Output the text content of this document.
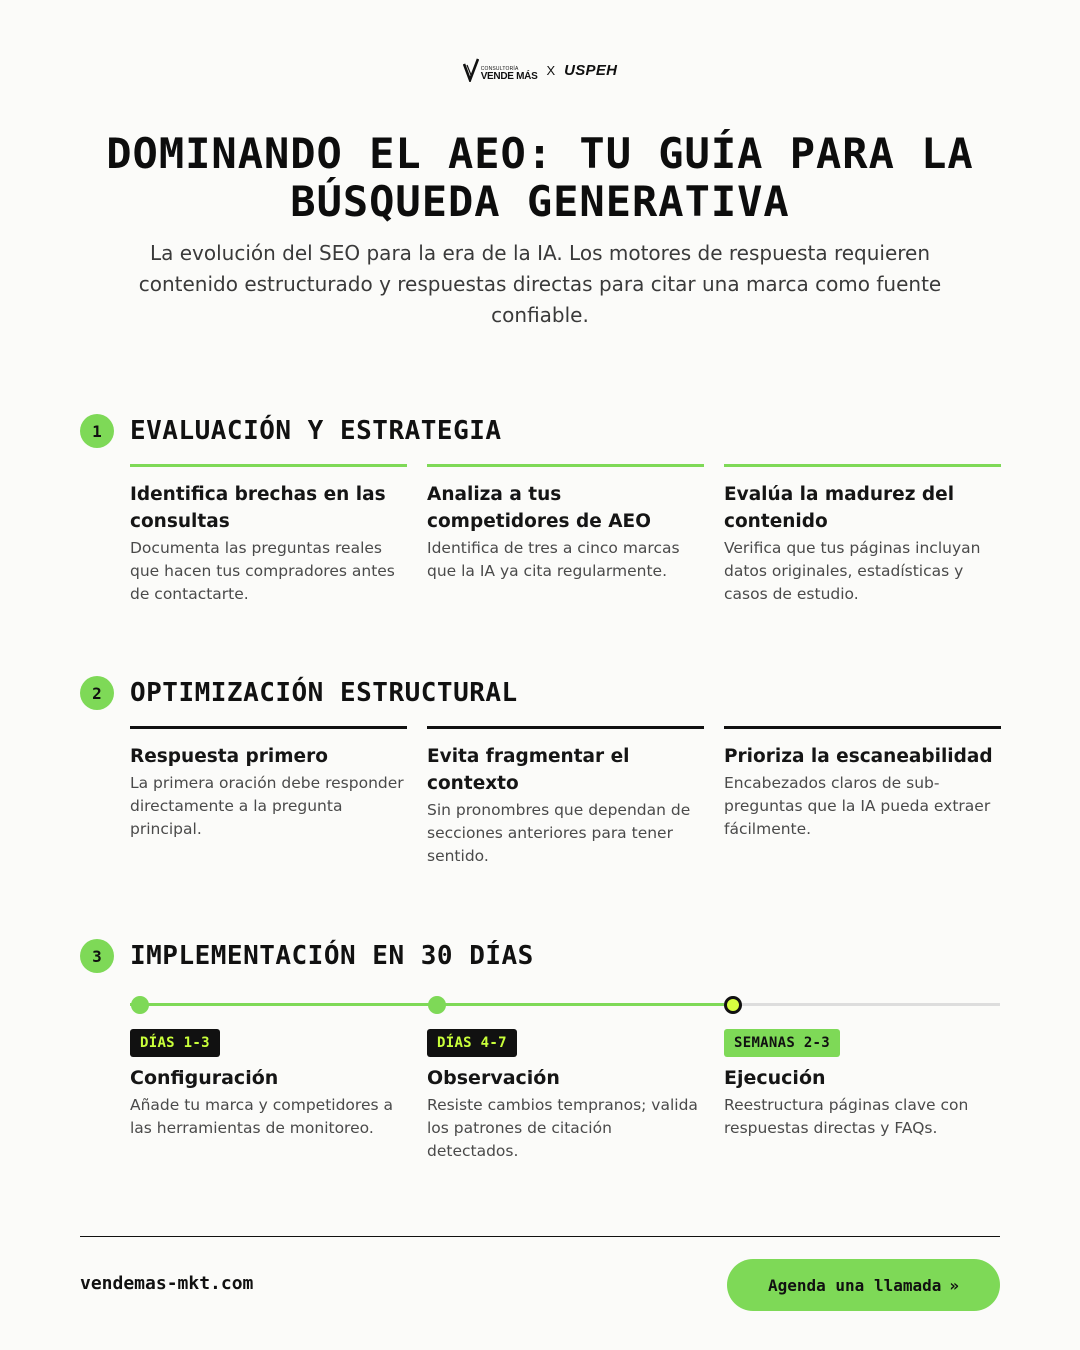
CONSULTORÍA
VENDE MÁS X USPEH
DOMINANDO EL AEO: TU GUÍA PARA LA BÚSQUEDA GENERATIVA

La evolución del SEO para la era de la IA. Los motores de respuesta requieren contenido estructurado y respuestas directas para citar una marca como fuente confiable.

1	EVALUACIÓN Y ESTRATEGIA
Identifica brechas en las consultas
Documenta las preguntas reales que hacen tus compradores antes de contactarte.
Analiza a tus competidores de AEO
Identifica de tres a cinco marcas que la IA ya cita regularmente.
Evalúa la madurez del contenido
Verifica que tus páginas incluyan datos originales, estadísticas y casos de estudio.
2	OPTIMIZACIÓN ESTRUCTURAL
Respuesta primero
La primera oración debe responder directamente a la pregunta principal.
Evita fragmentar el contexto
Sin pronombres que dependan de secciones anteriores para tener sentido.
Prioriza la escaneabilidad
Encabezados claros de sub-preguntas que la IA pueda extraer fácilmente.
3	IMPLEMENTACIÓN EN 30 DÍAS
DÍAS 1-3
Configuración
Añade tu marca y competidores a las herramientas de monitoreo.
DÍAS 4-7
Observación
Resiste cambios tempranos; valida los patrones de citación detectados.
SEMANAS 2-3
Ejecución
Reestructura páginas clave con respuestas directas y FAQs.
vendemas-mkt.com	Agenda una llamada »
